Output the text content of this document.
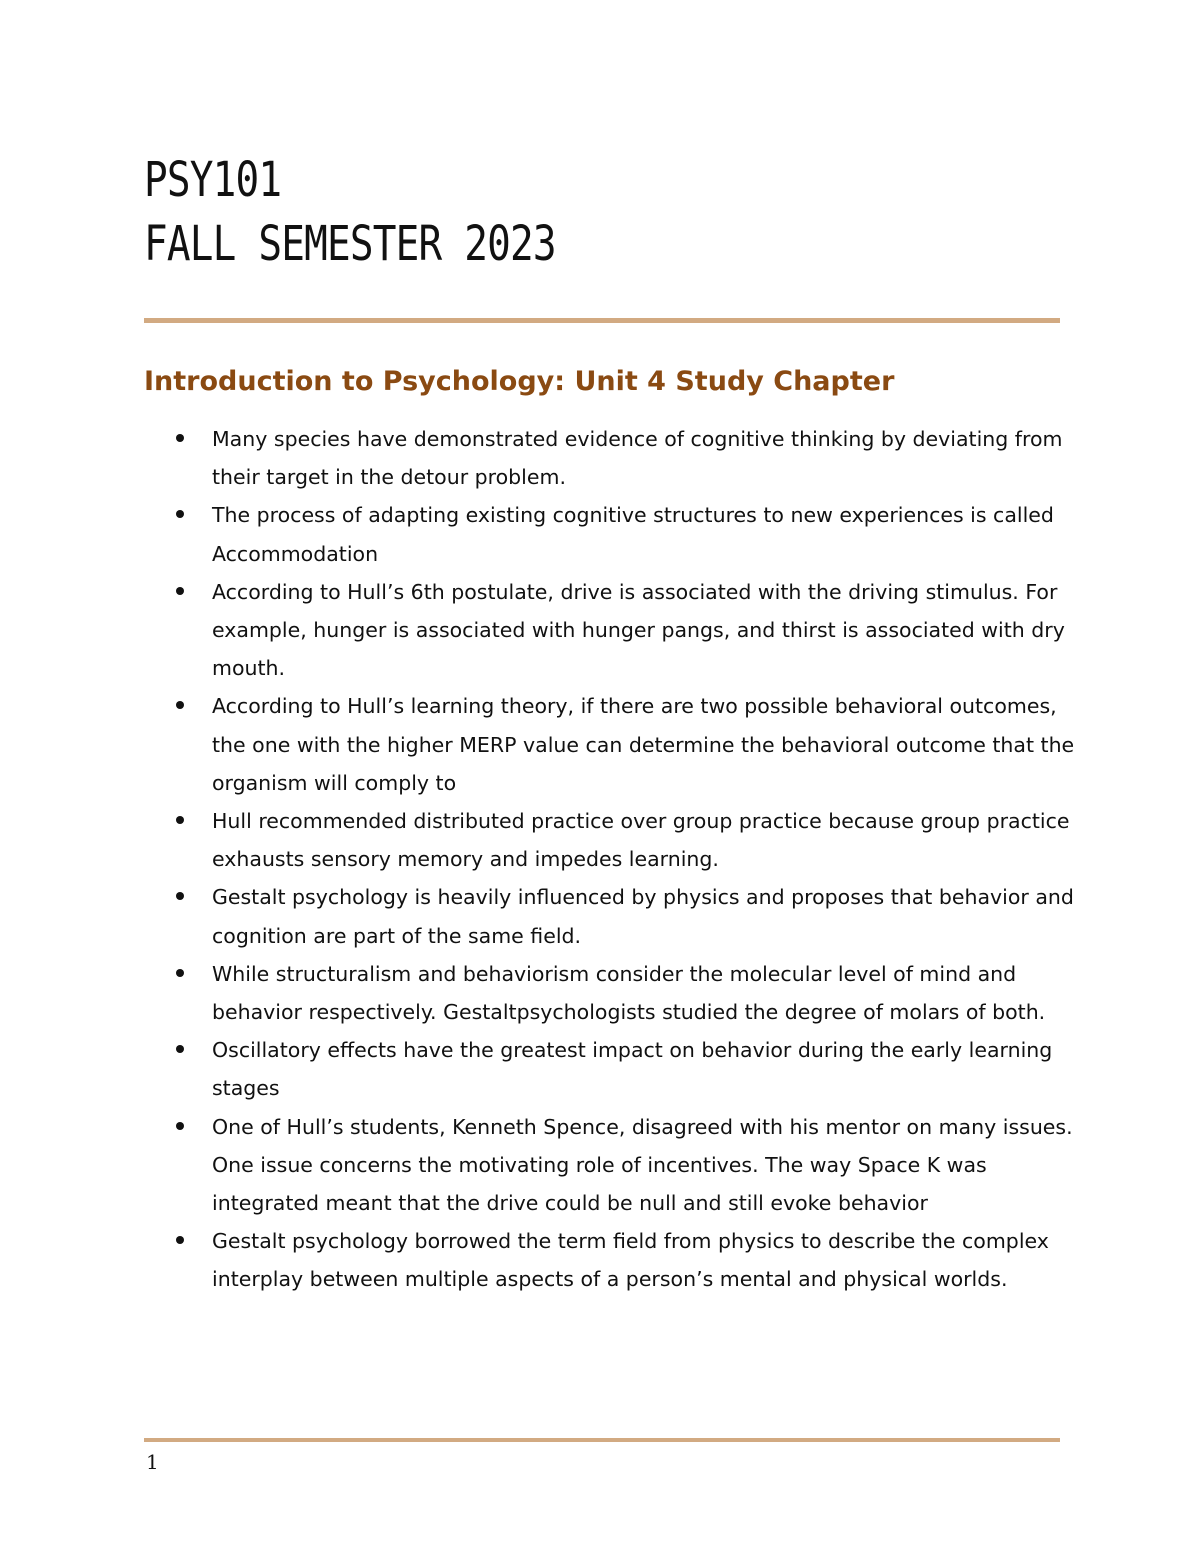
PSY101
FALL SEMESTER 2023
Introduction to Psychology: Unit 4 Study Chapter
Many species have demonstrated evidence of cognitive thinking by deviating from their target in the detour problem.
The process of adapting existing cognitive structures to new experiences is called Accommodation
According to Hull’s 6th postulate, drive is associated with the driving stimulus. For example, hunger is associated with hunger pangs, and thirst is associated with dry mouth.
According to Hull’s learning theory, if there are two possible behavioral outcomes, the one with the higher MERP value can determine the behavioral outcome that the organism will comply to
Hull recommended distributed practice over group practice because group practice exhausts sensory memory and impedes learning.
Gestalt psychology is heavily influenced by physics and proposes that behavior and cognition are part of the same field.
While structuralism and behaviorism consider the molecular level of mind and behavior respectively. Gestaltpsychologists studied the degree of molars of both.
Oscillatory effects have the greatest impact on behavior during the early learning stages
One of Hull’s students, Kenneth Spence, disagreed with his mentor on many issues. One issue concerns the motivating role of incentives. The way Space K was integrated meant that the drive could be null and still evoke behavior
Gestalt psychology borrowed the term field from physics to describe the complex interplay between multiple aspects of a person’s mental and physical worlds.
1
